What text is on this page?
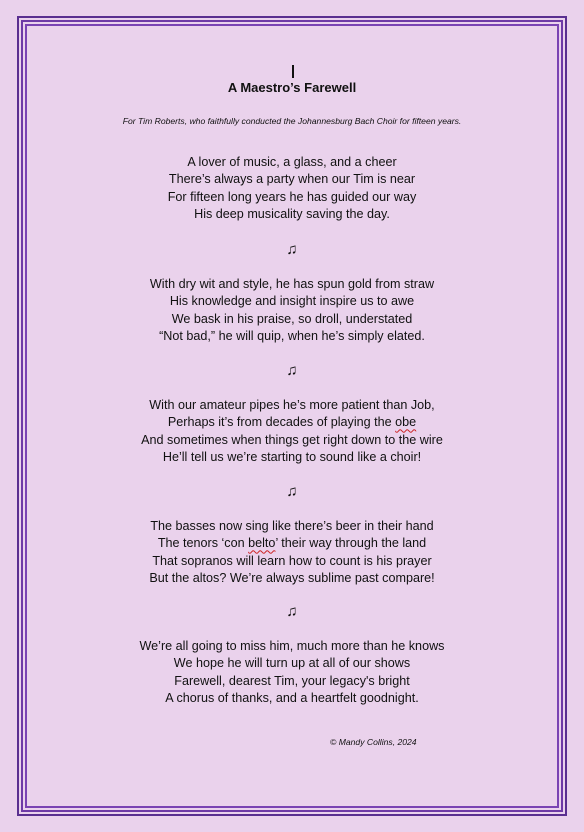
A Maestro’s Farewell
For Tim Roberts, who faithfully conducted the Johannesburg Bach Choir for fifteen years.
A lover of music, a glass, and a cheer
There’s always a party when our Tim is near
For fifteen long years he has guided our way
His deep musicality saving the day.
♫
With dry wit and style, he has spun gold from straw
His knowledge and insight inspire us to awe
We bask in his praise, so droll, understated
“Not bad,” he will quip, when he’s simply elated.
♫
With our amateur pipes he’s more patient than Job,
Perhaps it’s from decades of playing the obe
And sometimes when things get right down to the wire
He’ll tell us we’re starting to sound like a choir!
♫
The basses now sing like there’s beer in their hand
The tenors ‘con belto’ their way through the land
That sopranos will learn how to count is his prayer
But the altos? We’re always sublime past compare!
♫
We’re all going to miss him, much more than he knows
We hope he will turn up at all of our shows
Farewell, dearest Tim, your legacy's bright
A chorus of thanks, and a heartfelt goodnight.
© Mandy Collins, 2024
